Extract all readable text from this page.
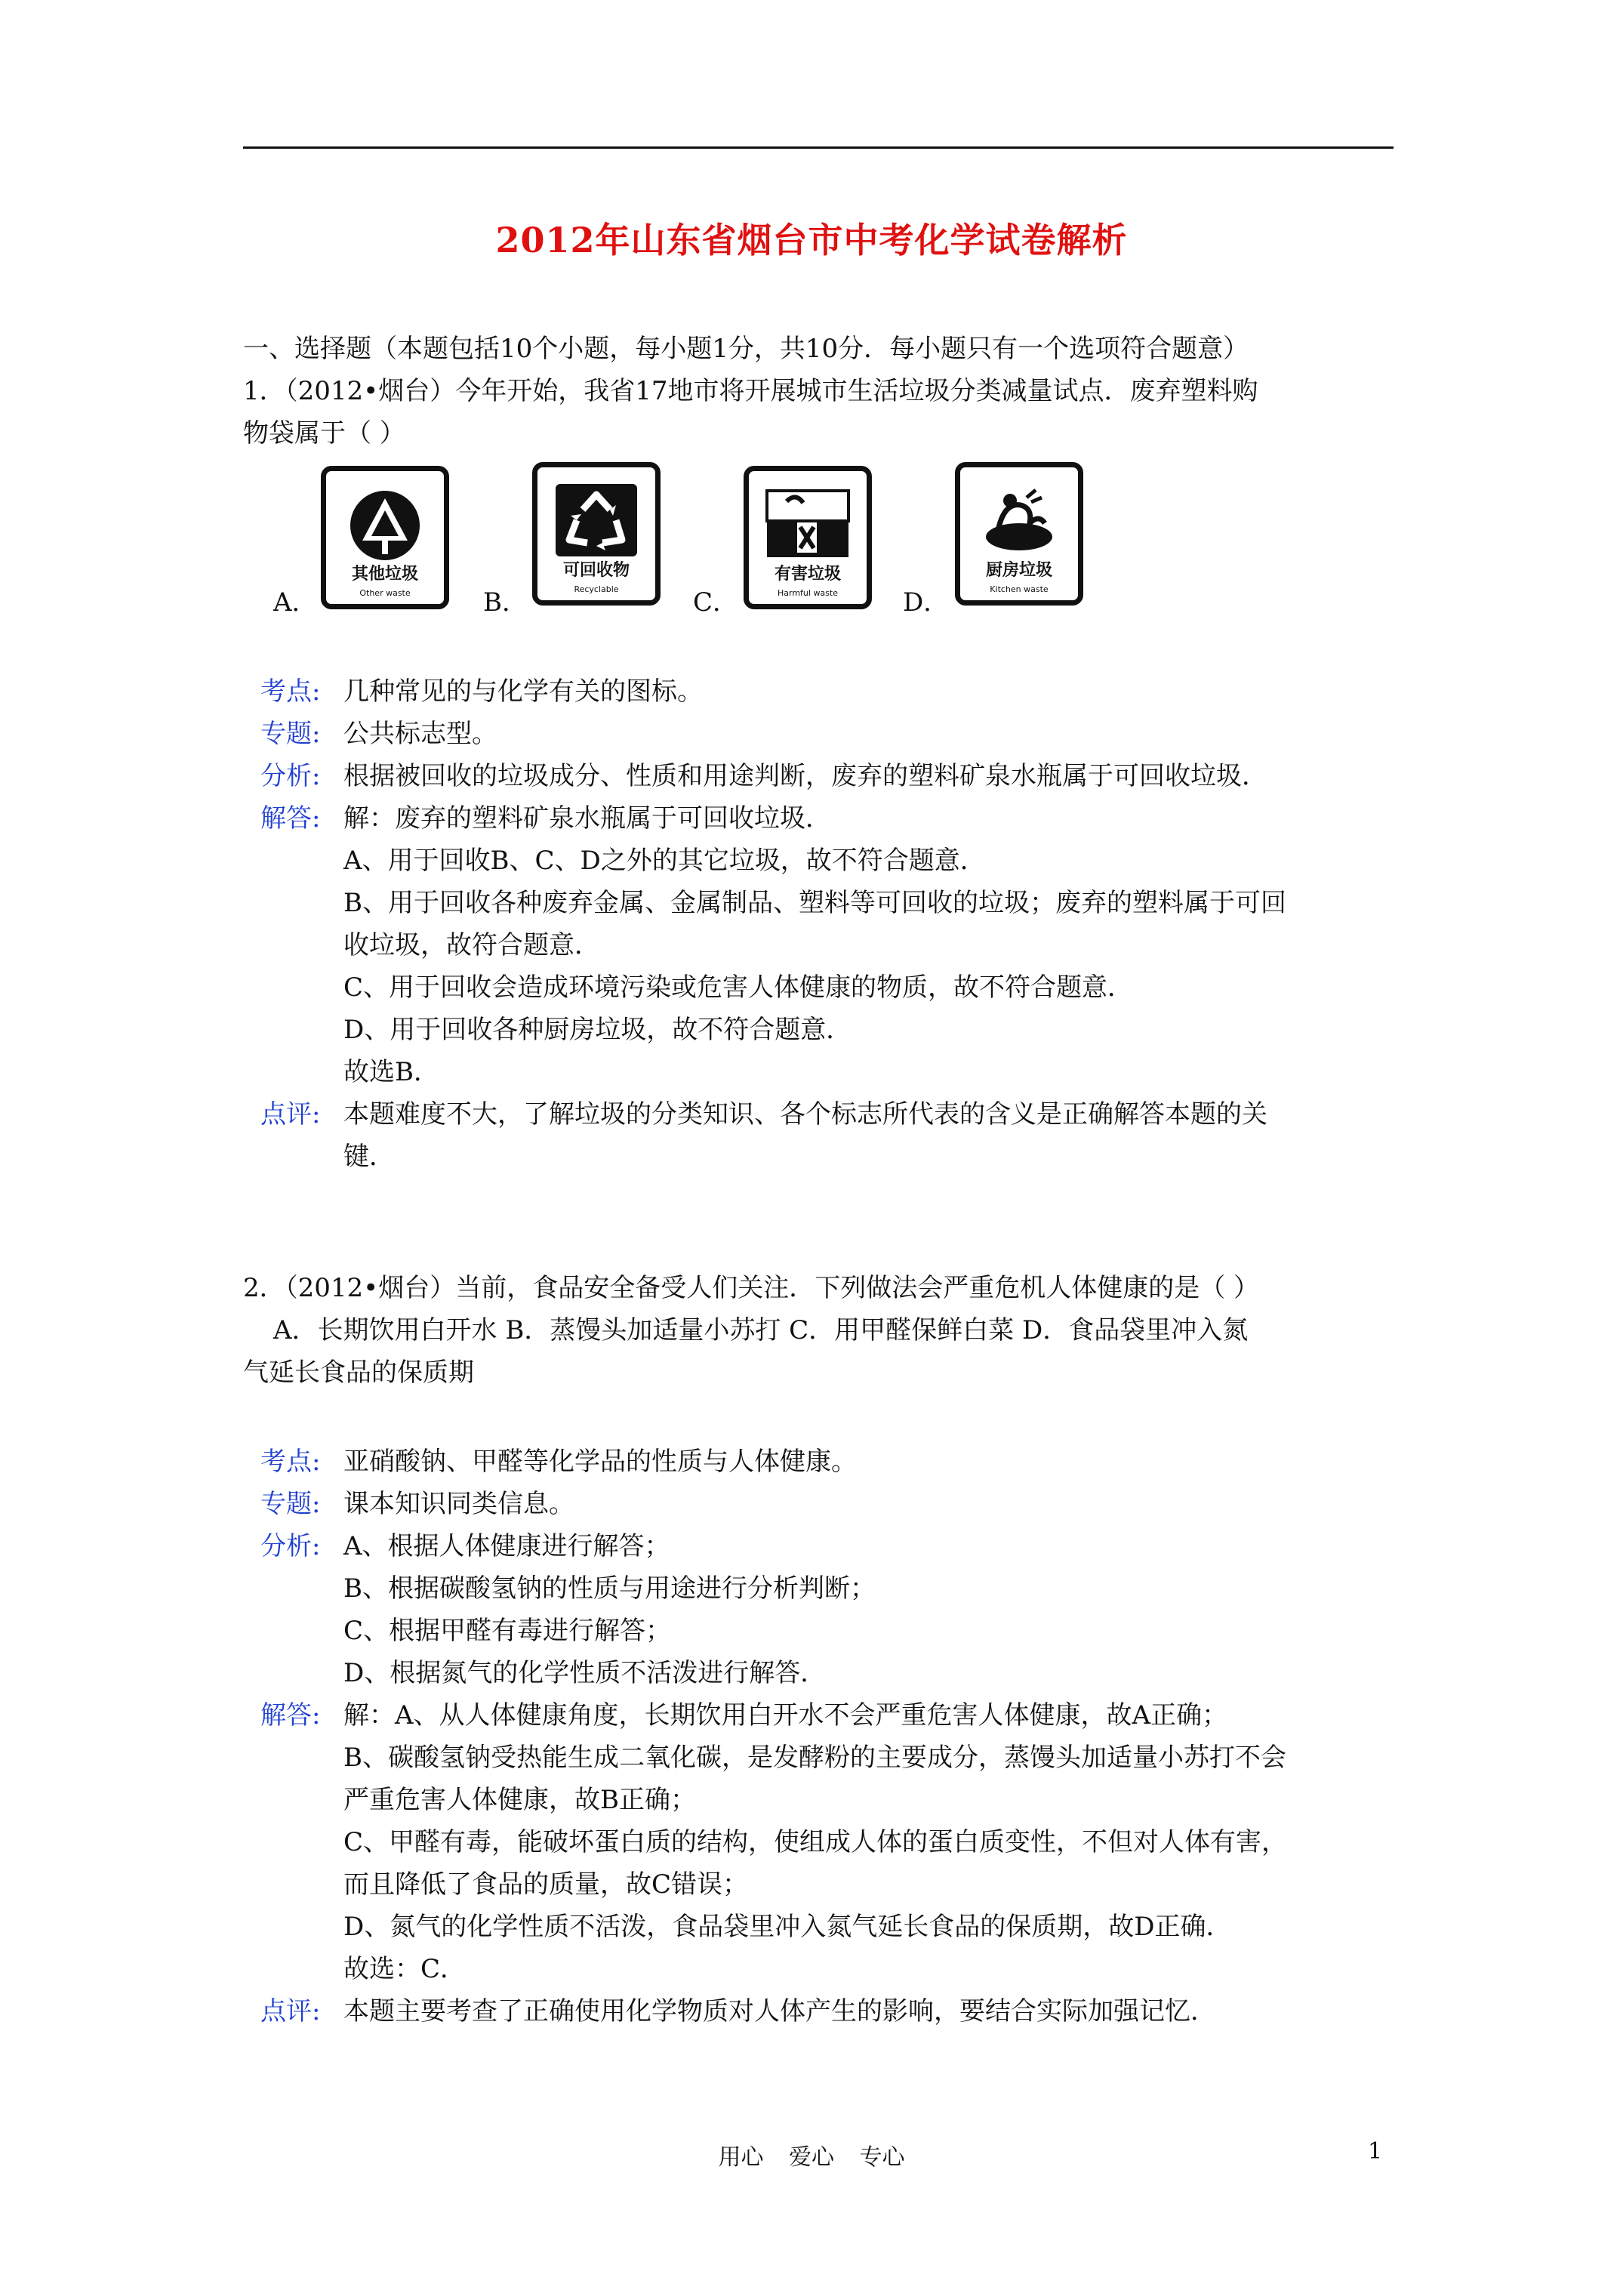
2012年山东省烟台市中考化学试卷解析
一、选择题（本题包括10个小题，每小题1分，共10分．每小题只有一个选项符合题意）
1．（2012•烟台）今年开始，我省17地市将开展城市生活垃圾分类减量试点．废弃塑料购
物袋属于（ ）
A．
其他垃圾
Other waste	B．
可回收物
Recyclable	C．
有害垃圾
Harmful waste	D．
厨房垃圾
Kitchen waste
考点: 几种常见的与化学有关的图标。
专题: 公共标志型。
分析: 根据被回收的垃圾成分、性质和用途判断，废弃的塑料矿泉水瓶属于可回收垃圾．
解答: 解：废弃的塑料矿泉水瓶属于可回收垃圾．
A、用于回收B、C、D之外的其它垃圾，故不符合题意．
B、用于回收各种废弃金属、金属制品、塑料等可回收的垃圾；废弃的塑料属于可回
收垃圾，故符合题意．
C、用于回收会造成环境污染或危害人体健康的物质，故不符合题意．
D、用于回收各种厨房垃圾，故不符合题意．
故选B．
点评: 本题难度不大，了解垃圾的分类知识、各个标志所代表的含义是正确解答本题的关
键．
2．（2012•烟台）当前，食品安全备受人们关注．下列做法会严重危机人体健康的是（ ）
A．长期饮用白开水 B．蒸馒头加适量小苏打 C．用甲醛保鲜白菜 D．食品袋里冲入氮
气延长食品的保质期
考点: 亚硝酸钠、甲醛等化学品的性质与人体健康。
专题: 课本知识同类信息。
分析: A、根据人体健康进行解答；
B、根据碳酸氢钠的性质与用途进行分析判断；
C、根据甲醛有毒进行解答；
D、根据氮气的化学性质不活泼进行解答．
解答: 解：A、从人体健康角度，长期饮用白开水不会严重危害人体健康，故A正确；
B、碳酸氢钠受热能生成二氧化碳，是发酵粉的主要成分，蒸馒头加适量小苏打不会
严重危害人体健康，故B正确；
C、甲醛有毒，能破坏蛋白质的结构，使组成人体的蛋白质变性，不但对人体有害，
而且降低了食品的质量，故C错误；
D、氮气的化学性质不活泼，食品袋里冲入氮气延长食品的保质期，故D正确．
故选：C．
点评: 本题主要考查了正确使用化学物质对人体产生的影响，要结合实际加强记忆．
用心 爱心 专心	1
